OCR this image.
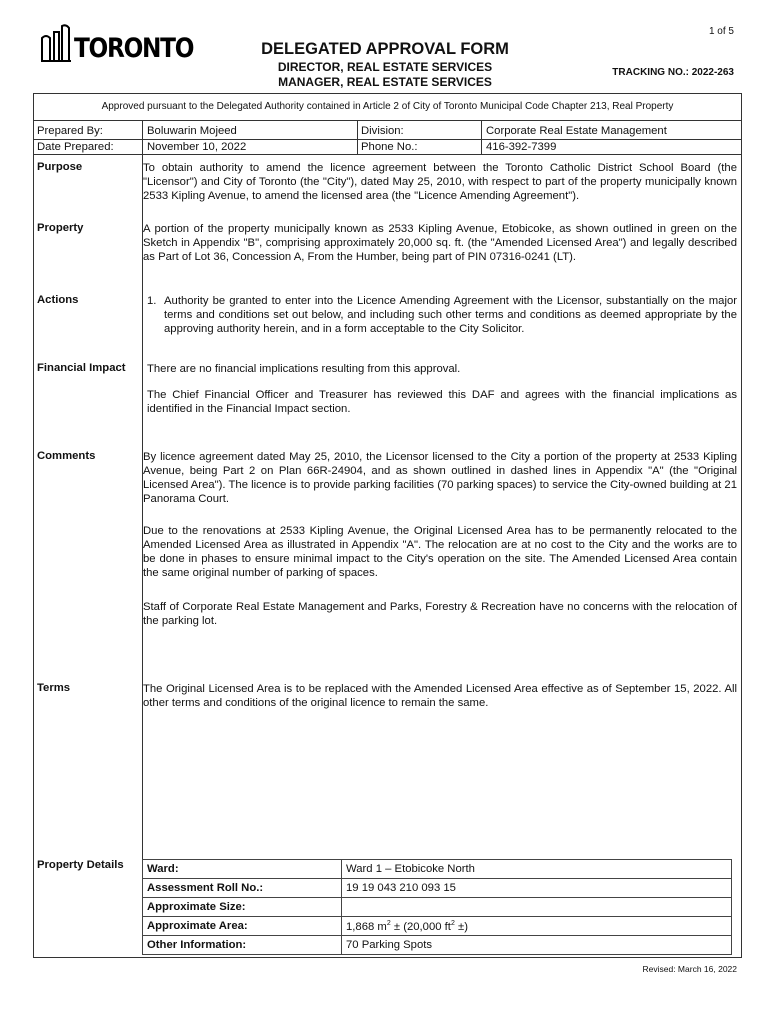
1 of 5
TORONTO	DELEGATED APPROVAL FORM
DIRECTOR, REAL ESTATE SERVICES
MANAGER, REAL ESTATE SERVICES
TRACKING NO.: 2022-263
Approved pursuant to the Delegated Authority contained in Article 2 of City of Toronto Municipal Code Chapter 213, Real Property
Prepared By:	Boluwarin Mojeed	Division:	Corporate Real Estate Management
Date Prepared:	November 10, 2022	Phone No.:	416-392-7399
Purpose	To obtain authority to amend the licence agreement between the Toronto Catholic District School Board (the "Licensor") and City of Toronto (the "City"), dated May 25, 2010, with respect to part of the property municipally known 2533 Kipling Avenue, to amend the licensed area (the "Licence Amending Agreement").
Property	A portion of the property municipally known as 2533 Kipling Avenue, Etobicoke, as shown outlined in green on the Sketch in Appendix "B", comprising approximately 20,000 sq. ft. (the "Amended Licensed Area") and legally described as Part of Lot 36, Concession A, From the Humber, being part of PIN 07316-0241 (LT).
Actions	1. Authority be granted to enter into the Licence Amending Agreement with the Licensor, substantially on the major terms and conditions set out below, and including such other terms and conditions as deemed appropriate by the approving authority herein, and in a form acceptable to the City Solicitor.
Financial Impact There are no financial implications resulting from this approval.
The Chief Financial Officer and Treasurer has reviewed this DAF and agrees with the financial implications as identified in the Financial Impact section.
Comments	By licence agreement dated May 25, 2010, the Licensor licensed to the City a portion of the property at 2533 Kipling Avenue, being Part 2 on Plan 66R-24904, and as shown outlined in dashed lines in Appendix "A" (the "Original Licensed Area"). The licence is to provide parking facilities (70 parking spaces) to service the City-owned building at 21 Panorama Court.
Due to the renovations at 2533 Kipling Avenue, the Original Licensed Area has to be permanently relocated to the Amended Licensed Area as illustrated in Appendix "A". The relocation are at no cost to the City and the works are to be done in phases to ensure minimal impact to the City's operation on the site. The Amended Licensed Area contain the same original number of parking of spaces.
Staff of Corporate Real Estate Management and Parks, Forestry & Recreation have no concerns with the relocation of the parking lot.
Terms	The Original Licensed Area is to be replaced with the Amended Licensed Area effective as of September 15, 2022. All other terms and conditions of the original licence to remain the same.
Property Details Ward:	Ward 1 – Etobicoke North
Assessment Roll No.:	19 19 043 210 093 15
Approximate Size:	
Approximate Area:	1,868 $m^2 \pm (20,000$ $ft^2$ ±)
Other Information:	70 Parking Spots
Revised: March 16, 2022
